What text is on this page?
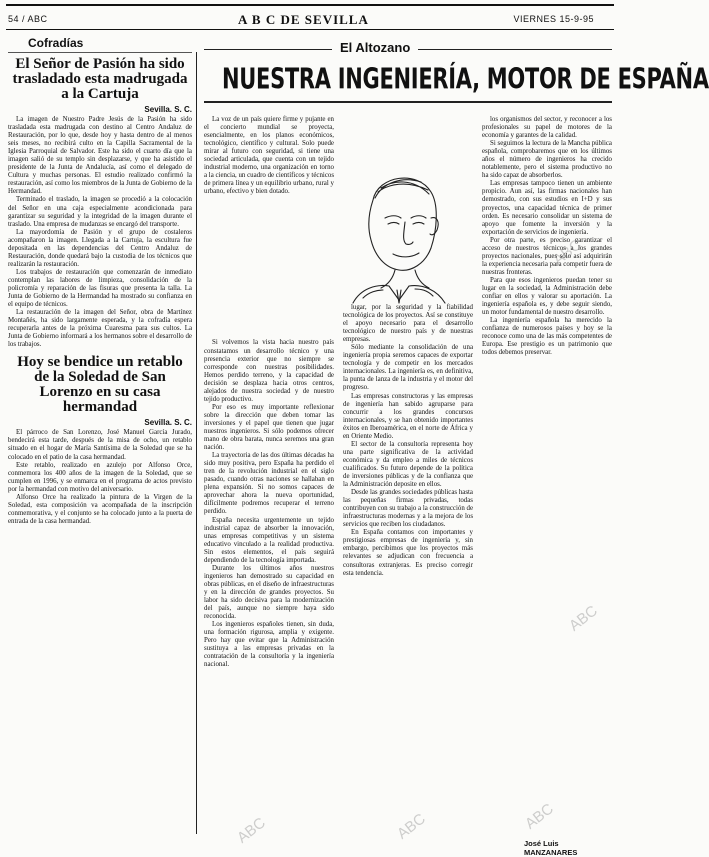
54 / ABC	A B C DE SEVILLA	VIERNES 15-9-95
Cofradías
El Señor de Pasión ha sido trasladado esta madrugada a la Cartuja
Sevilla. S. C.

La imagen de Nuestro Padre Jesús de la Pasión ha sido trasladada esta madrugada con destino al Centro Andaluz de Restauración, por lo que, desde hoy y hasta dentro de al menos seis meses, no recibirá culto en la Capilla Sacramental de la Iglesia Parroquial de Salvador. Este ha sido el cuarto día que la imagen salió de su templo sin desplazarse, y que ha asistido el presidente de la Junta de Andalucía, así como el delegado de Cultura y muchas personas. El estudio realizado confirmó la restauración, así como los miembros de la Junta de Gobierno de la Hermandad.

Terminado el traslado, la imagen se procedió a la colocación del Señor en una caja especialmente acondicionada para garantizar su seguridad y la integridad de la imagen durante el traslado. Una empresa de mudanzas se encargó del transporte.

La mayordomía de Pasión y el grupo de costaleros acompañaron la imagen. Llegada a la Cartuja, la escultura fue depositada en las dependencias del Centro Andaluz de Restauración, donde quedará bajo la custodia de los técnicos que realizarán la restauración.

Los trabajos de restauración que comenzarán de inmediato contemplan las labores de limpieza, consolidación de la policromía y reparación de las fisuras que presenta la talla. La Junta de Gobierno de la Hermandad ha mostrado su confianza en el equipo de técnicos.

La restauración de la imagen del Señor, obra de Martínez Montañés, ha sido largamente esperada, y la cofradía espera recuperarla antes de la próxima Cuaresma para sus cultos. La Junta de Gobierno informará a los hermanos sobre el desarrollo de los trabajos.

Hoy se bendice un retablo de la Soledad de San Lorenzo en su casa hermandad
Sevilla. S. C.

El párroco de San Lorenzo, José Manuel García Jurado, bendecirá esta tarde, después de la misa de ocho, un retablo situado en el hogar de María Santísima de la Soledad que se ha colocado en el patio de la casa hermandad.

Este retablo, realizado en azulejo por Alfonso Orce, conmemora los 400 años de la imagen de la Soledad, que se cumplen en 1996, y se enmarca en el programa de actos previsto por la hermandad con motivo del aniversario.

Alfonso Orce ha realizado la pintura de la Virgen de la Soledad, esta composición va acompañada de la inscripción conmemorativa, y el conjunto se ha colocado junto a la puerta de entrada de la casa hermandad.

El Altozano
NUESTRA INGENIERÍA, MOTOR DE ESPAÑA

La voz de un país quiere firme y pujante en el concierto mundial se proyecta, esencialmente, en los planos económicos, tecnológico, científico y cultural. Solo puede mirar al futuro con seguridad, si tiene una sociedad articulada, que cuenta con un tejido industrial moderno, una organización en torno a la ciencia, un cuadro de científicos y técnicos de primera línea y un equilibrio urbano, rural y urbano, efectivo y bien dotado.

Si volvemos la vista hacia nuestro país constatamos un desarrollo técnico y una presencia exterior que no siempre se corresponde con nuestras posibilidades. Hemos perdido terreno, y la capacidad de decisión se desplaza hacia otros centros, alejados de nuestra sociedad y de nuestro tejido productivo.

Por eso es muy importante reflexionar sobre la dirección que deben tomar las inversiones y el papel que tienen que jugar nuestros ingenieros. Si sólo podemos ofrecer mano de obra barata, nunca seremos una gran nación.

La trayectoria de las dos últimas décadas ha sido muy positiva, pero España ha perdido el tren de la revolución industrial en el siglo pasado, cuando otras naciones se hallaban en plena expansión. Si no somos capaces de aprovechar ahora la nueva oportunidad, difícilmente podremos recuperar el terreno perdido.

España necesita urgentemente un tejido industrial capaz de absorber la innovación, unas empresas competitivas y un sistema educativo vinculado a la realidad productiva. Sin estos elementos, el país seguirá dependiendo de la tecnología importada.

Durante los últimos años nuestros ingenieros han demostrado su capacidad en obras públicas, en el diseño de infraestructuras y en la dirección de grandes proyectos. Su labor ha sido decisiva para la modernización del país, aunque no siempre haya sido reconocida.

Los ingenieros españoles tienen, sin duda, una formación rigurosa, amplia y exigente. Pero hay que evitar que la Administración sustituya a las empresas privadas en la contratación de la consultoría y la ingeniería nacional.

lugar, por la seguridad y la fiabilidad tecnológica de los proyectos. Así se constituye el apoyo necesario para el desarrollo tecnológico de nuestro país y de nuestras empresas.

Sólo mediante la consolidación de una ingeniería propia seremos capaces de exportar tecnología y de competir en los mercados internacionales. La ingeniería es, en definitiva, la punta de lanza de la industria y el motor del progreso.

Las empresas constructoras y las empresas de ingeniería han sabido agruparse para concurrir a los grandes concursos internacionales, y se han obtenido importantes éxitos en Iberoamérica, en el norte de África y en Oriente Medio.

El sector de la consultoría representa hoy una parte significativa de la actividad económica y da empleo a miles de técnicos cualificados. Su futuro depende de la política de inversiones públicas y de la confianza que la Administración deposite en ellos.

Desde las grandes sociedades públicas hasta las pequeñas firmas privadas, todas contribuyen con su trabajo a la construcción de infraestructuras modernas y a la mejora de los servicios que reciben los ciudadanos.

En España contamos con importantes y prestigiosas empresas de ingeniería y, sin embargo, percibimos que los proyectos más relevantes se adjudican con frecuencia a consultoras extranjeras. Es preciso corregir esta tendencia.

los organismos del sector, y reconocer a los profesionales su papel de motores de la economía y garantes de la calidad.

Si seguimos la lectura de la Mancha pública española, comprobaremos que en los últimos años el número de ingenieros ha crecido notablemente, pero el sistema productivo no ha sido capaz de absorberlos.

Las empresas tampoco tienen un ambiente propicio. Aun así, las firmas nacionales han demostrado, con sus estudios en I+D y sus proyectos, una capacidad técnica de primer orden. Es necesario consolidar un sistema de apoyo que fomente la inversión y la exportación de servicios de ingeniería.

Por otra parte, es preciso garantizar el acceso de nuestros técnicos a los grandes proyectos nacionales, pues sólo así adquirirán la experiencia necesaria para competir fuera de nuestras fronteras.

Para que esos ingenieros puedan tener su lugar en la sociedad, la Administración debe confiar en ellos y valorar su aportación. La ingeniería española es, y debe seguir siendo, un motor fundamental de nuestro desarrollo.

La ingeniería española ha merecido la confianza de numerosos países y hoy se la reconoce como una de las más competentes de Europa. Ese prestigio es un patrimonio que todos debemos preservar.

José Luis MANZANARES
ABC	ABC	ABC
ABC
ABC
